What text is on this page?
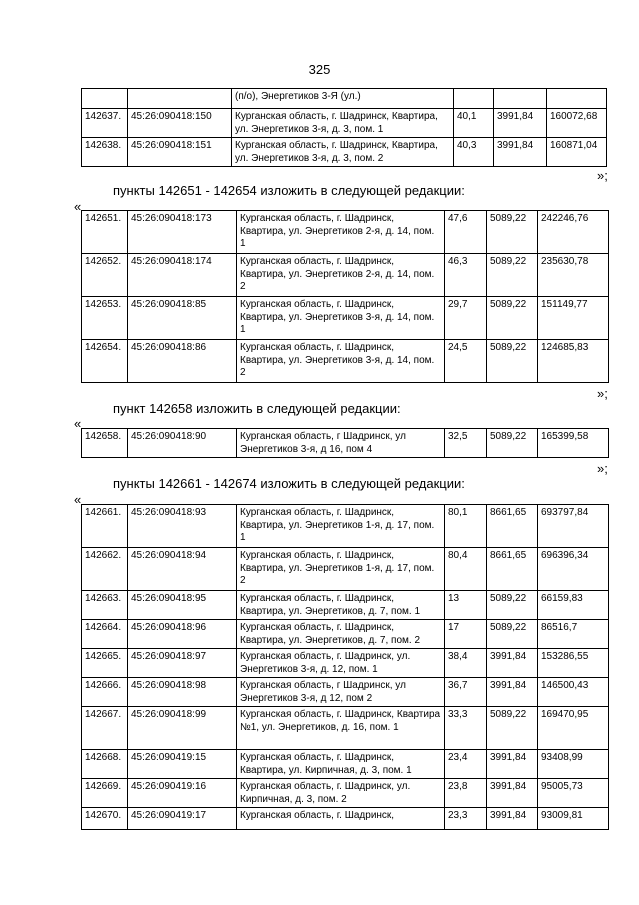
325
		(п/о), Энергетиков 3-Я (ул.)			
142637.	45:26:090418:150	Курганская область, г. Шадринск, Квартира, ул. Энергетиков 3-я, д. 3, пом. 1	40,1	3991,84	160072,68
142638.	45:26:090418:151	Курганская область, г. Шадринск, Квартира, ул. Энергетиков 3-я, д. 3, пом. 2	40,3	3991,84	160871,04
»;
пункты 142651 - 142654 изложить в следующей редакции:
«
142651.	45:26:090418:173	Курганская область, г. Шадринск, Квартира, ул. Энергетиков 2-я, д. 14, пом. 1	47,6	5089,22	242246,76
142652.	45:26:090418:174	Курганская область, г. Шадринск, Квартира, ул. Энергетиков 2-я, д. 14, пом. 2	46,3	5089,22	235630,78
142653.	45:26:090418:85	Курганская область, г. Шадринск, Квартира, ул. Энергетиков 3-я, д. 14, пом. 1	29,7	5089,22	151149,77
142654.	45:26:090418:86	Курганская область, г. Шадринск, Квартира, ул. Энергетиков 3-я, д. 14, пом. 2	24,5	5089,22	124685,83
»;
пункт 142658 изложить в следующей редакции:
«
142658.	45:26:090418:90	Курганская область, г Шадринск, ул Энергетиков 3-я, д 16, пом 4	32,5	5089,22	165399,58
»;
пункты 142661 - 142674 изложить в следующей редакции:
«
142661.	45:26:090418:93	Курганская область, г. Шадринск, Квартира, ул. Энергетиков 1-я, д. 17, пом. 1	80,1	8661,65	693797,84
142662.	45:26:090418:94	Курганская область, г. Шадринск, Квартира, ул. Энергетиков 1-я, д. 17, пом. 2	80,4	8661,65	696396,34
142663.	45:26:090418:95	Курганская область, г. Шадринск, Квартира, ул. Энергетиков, д. 7, пом. 1	13	5089,22	66159,83
142664.	45:26:090418:96	Курганская область, г. Шадринск, Квартира, ул. Энергетиков, д. 7, пом. 2	17	5089,22	86516,7
142665.	45:26:090418:97	Курганская область, г. Шадринск, ул. Энергетиков 3-я, д. 12, пом. 1	38,4	3991,84	153286,55
142666.	45:26:090418:98	Курганская область, г Шадринск, ул Энергетиков 3-я, д 12, пом 2	36,7	3991,84	146500,43
142667.	45:26:090418:99	Курганская область, г. Шадринск, Квартира №1, ул. Энергетиков, д. 16, пом. 1	33,3	5089,22	169470,95
142668.	45:26:090419:15	Курганская область, г. Шадринск, Квартира, ул. Кирпичная, д. 3, пом. 1	23,4	3991,84	93408,99
142669.	45:26:090419:16	Курганская область, г. Шадринск, ул. Кирпичная, д. 3, пом. 2	23,8	3991,84	95005,73
142670.	45:26:090419:17	Курганская область, г. Шадринск,	23,3	3991,84	93009,81
